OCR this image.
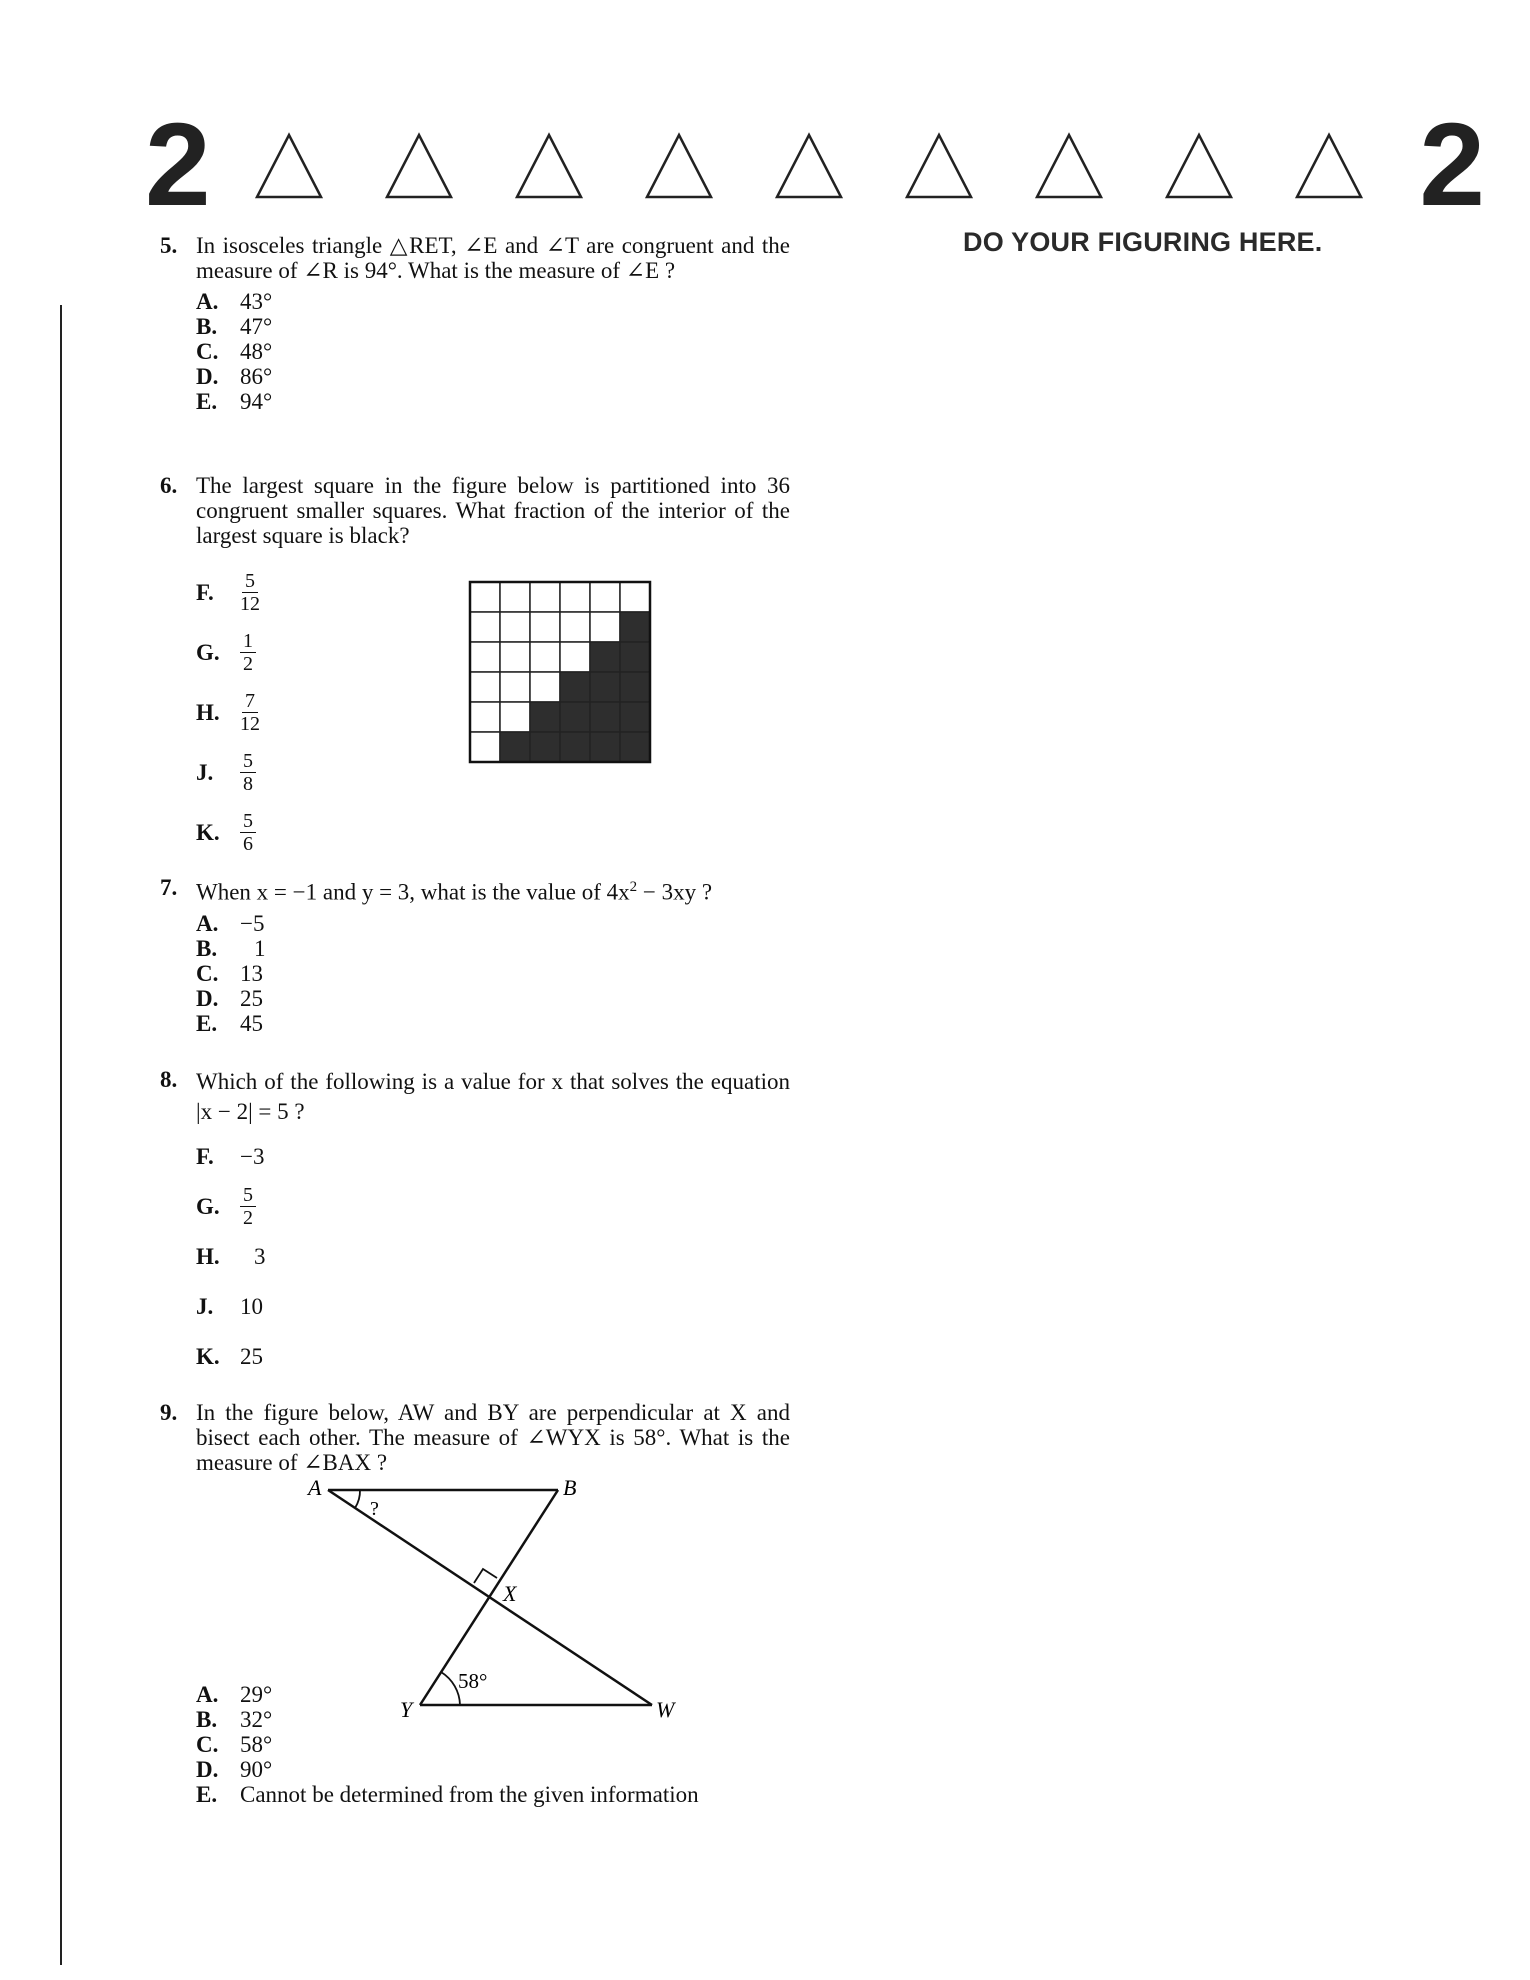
2	2
DO YOUR FIGURING HERE.
5. In isosceles triangle △RET, ∠E and ∠T are congruent and the measure of ∠R is 94°. What is the measure of ∠E ?
A. 43°
B. 47°
C. 48°
D. 86°
E. 94°
6. The largest square in the figure below is partitioned into 36 congruent smaller squares. What fraction of the interior of the largest square is black?
F.	$\frac{5}{12}$
G.	$\frac{1}{2}$
H.	$\frac{7}{12}$
J.	$\frac{5}{8}$
K.	$\frac{5}{6}$
7. When x = −1 and y = 3, what is the value of $4x^2 - 3xy$ ?
A. −5
B.	1
C. 13
D. 25
E. 45
8. Which of the following is a value for x that solves the equation |x − 2| = 5 ?
F.	−3
G.	$\frac{5}{2}$
H.	3
J.	10
K. 25
9. In the figure below, AW and BY are perpendicular at X and bisect each other. The measure of ∠WYX is 58°. What is the measure of ∠BAX ?
A. 29°
B. 32°
C. 58°
D. 90°
E. Cannot be determined from the given information
A	B
X
Y	W
?
58°
